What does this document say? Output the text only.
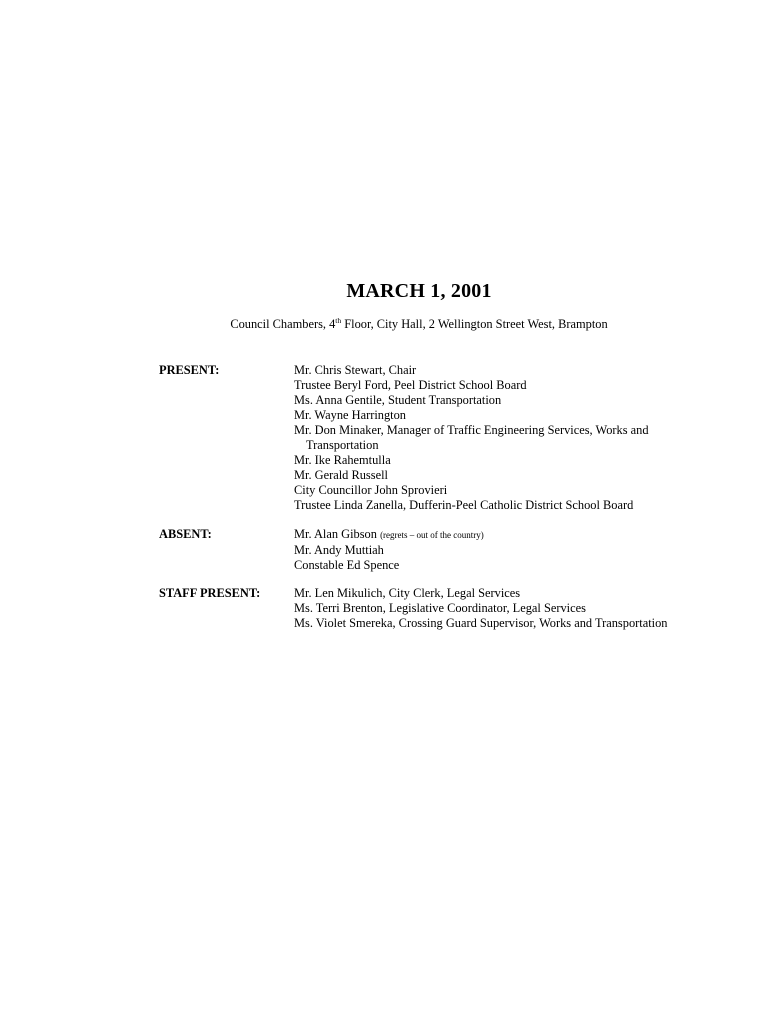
MARCH 1, 2001
Council Chambers, 4th Floor, City Hall, 2 Wellington Street West, Brampton
PRESENT:	Mr. Chris Stewart, Chair
Trustee Beryl Ford, Peel District School Board
Ms. Anna Gentile, Student Transportation
Mr. Wayne Harrington
Mr. Don Minaker, Manager of Traffic Engineering Services, Works and Transportation
Mr. Ike Rahemtulla
Mr. Gerald Russell
City Councillor John Sprovieri
Trustee Linda Zanella, Dufferin-Peel Catholic District School Board
ABSENT:	Mr. Alan Gibson (regrets – out of the country)
Mr. Andy Muttiah
Constable Ed Spence
STAFF PRESENT:	Mr. Len Mikulich, City Clerk, Legal Services
Ms. Terri Brenton, Legislative Coordinator, Legal Services
Ms. Violet Smereka, Crossing Guard Supervisor, Works and Transportation
